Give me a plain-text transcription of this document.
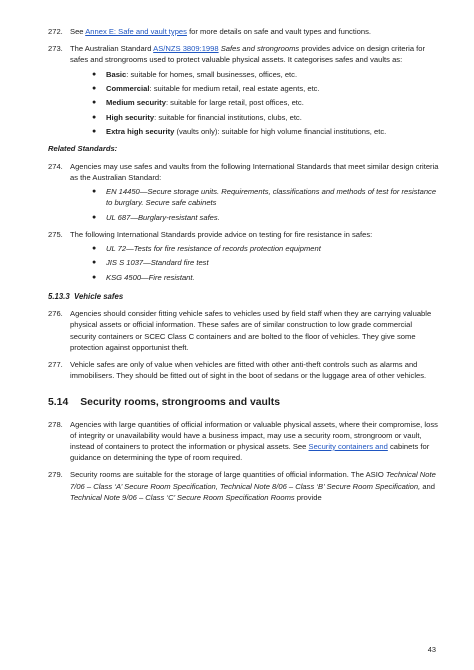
272. See Annex E: Safe and vault types for more details on safe and vault types and functions.
273. The Australian Standard AS/NZS 3809:1998 Safes and strongrooms provides advice on design criteria for safes and strongrooms used to protect valuable physical assets. It categorises safes and vaults as:
● Basic: suitable for homes, small businesses, offices, etc.
● Commercial: suitable for medium retail, real estate agents, etc.
● Medium security: suitable for large retail, post offices, etc.
● High security: suitable for financial institutions, clubs, etc.
● Extra high security (vaults only): suitable for high volume financial institutions, etc.
Related Standards:
274. Agencies may use safes and vaults from the following International Standards that meet similar design criteria as the Australian Standard:
● EN 14450—Secure storage units. Requirements, classifications and methods of test for resistance to burglary. Secure safe cabinets
● UL 687—Burglary-resistant safes.
275. The following International Standards provide advice on testing for fire resistance in safes:
● UL 72—Tests for fire resistance of records protection equipment
● JIS S 1037—Standard fire test
● KSG 4500—Fire resistant.
5.13.3 Vehicle safes
276. Agencies should consider fitting vehicle safes to vehicles used by field staff when they are carrying valuable physical assets or official information. These safes are of similar construction to low grade commercial security containers or SCEC Class C containers and are bolted to the floor of vehicles. They give some protection against opportunist theft.
277. Vehicle safes are only of value when vehicles are fitted with other anti-theft controls such as alarms and immobilisers. They should be fitted out of sight in the boot of sedans or the luggage area of other vehicles.
5.14 Security rooms, strongrooms and vaults
278. Agencies with large quantities of official information or valuable physical assets, where their compromise, loss of integrity or unavailability would have a business impact, may use a security room, strongroom or vault, instead of containers to protect the information or physical assets. See Security containers and cabinets for guidance on determining the type of room required.
279. Security rooms are suitable for the storage of large quantities of official information. The ASIO Technical Note 7/06 – Class ‘A’ Secure Room Specification, Technical Note 8/06 – Class ‘B’ Secure Room Specification, and Technical Note 9/06 – Class ‘C’ Secure Room Specification Rooms provide
43
